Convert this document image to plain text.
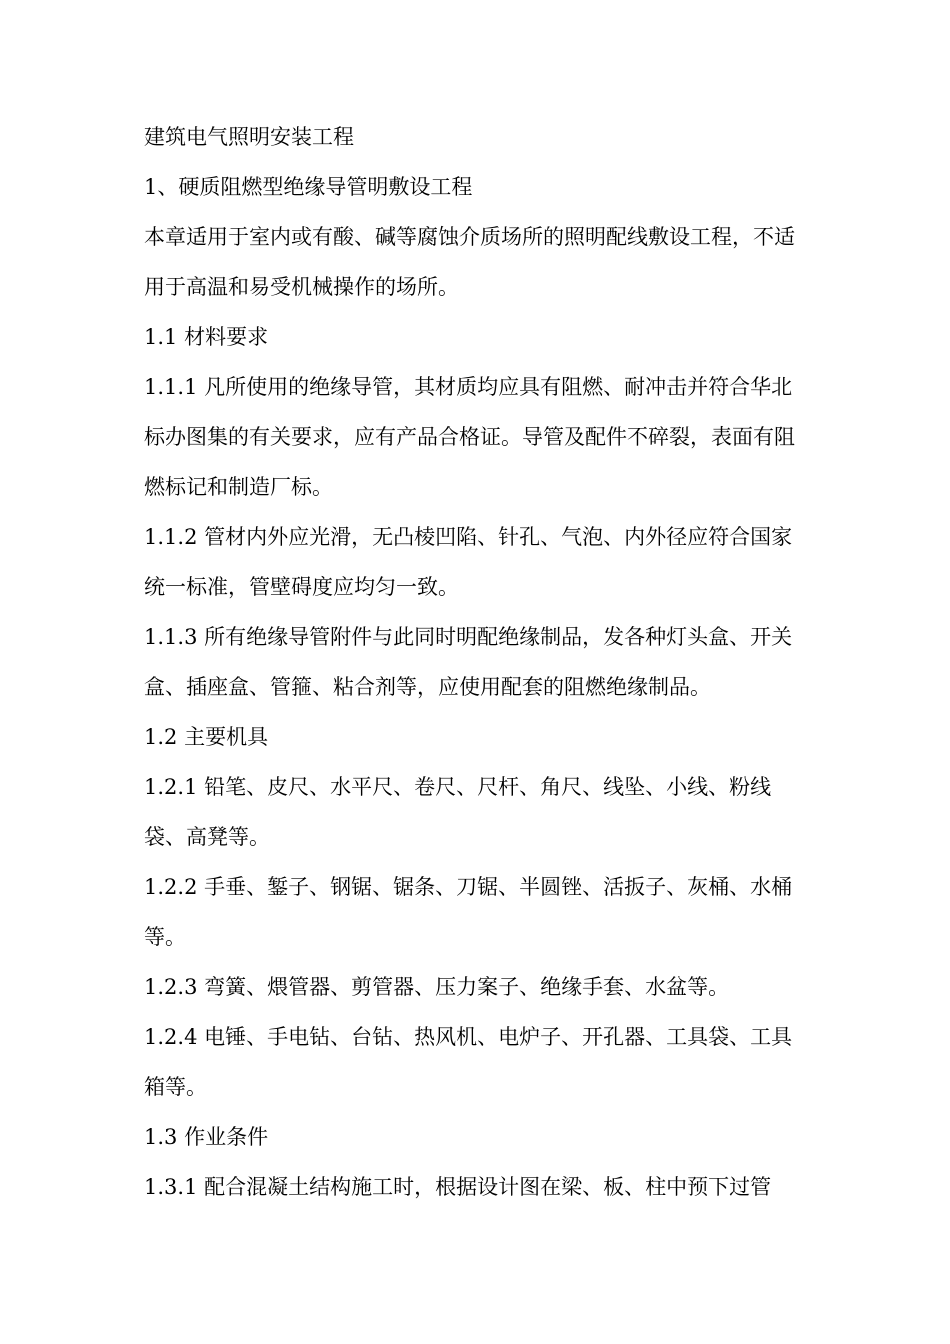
建筑电气照明安装工程

1、硬质阻燃型绝缘导管明敷设工程

本章适用于室内或有酸、碱等腐蚀介质场所的照明配线敷设工程，不适用于高温和易受机械操作的场所。

1.1 材料要求

1.1.1 凡所使用的绝缘导管，其材质均应具有阻燃、耐冲击并符合华北标办图集的有关要求，应有产品合格证。导管及配件不碎裂，表面有阻燃标记和制造厂标。

1.1.2 管材内外应光滑，无凸棱凹陷、针孔、气泡、内外径应符合国家统一标准，管壁碍度应均匀一致。

1.1.3 所有绝缘导管附件与此同时明配绝缘制品，发各种灯头盒、开关盒、插座盒、管箍、粘合剂等，应使用配套的阻燃绝缘制品。

1.2 主要机具

1.2.1 铅笔、皮尺、水平尺、卷尺、尺杆、角尺、线坠、小线、粉线袋、高凳等。

1.2.2 手垂、錾子、钢锯、锯条、刀锯、半圆锉、活扳子、灰桶、水桶等。

1.2.3 弯簧、煨管器、剪管器、压力案子、绝缘手套、水盆等。

1.2.4 电锤、手电钻、台钻、热风机、电炉子、开孔器、工具袋、工具箱等。

1.3 作业条件

1.3.1 配合混凝土结构施工时，根据设计图在梁、板、柱中预下过管
